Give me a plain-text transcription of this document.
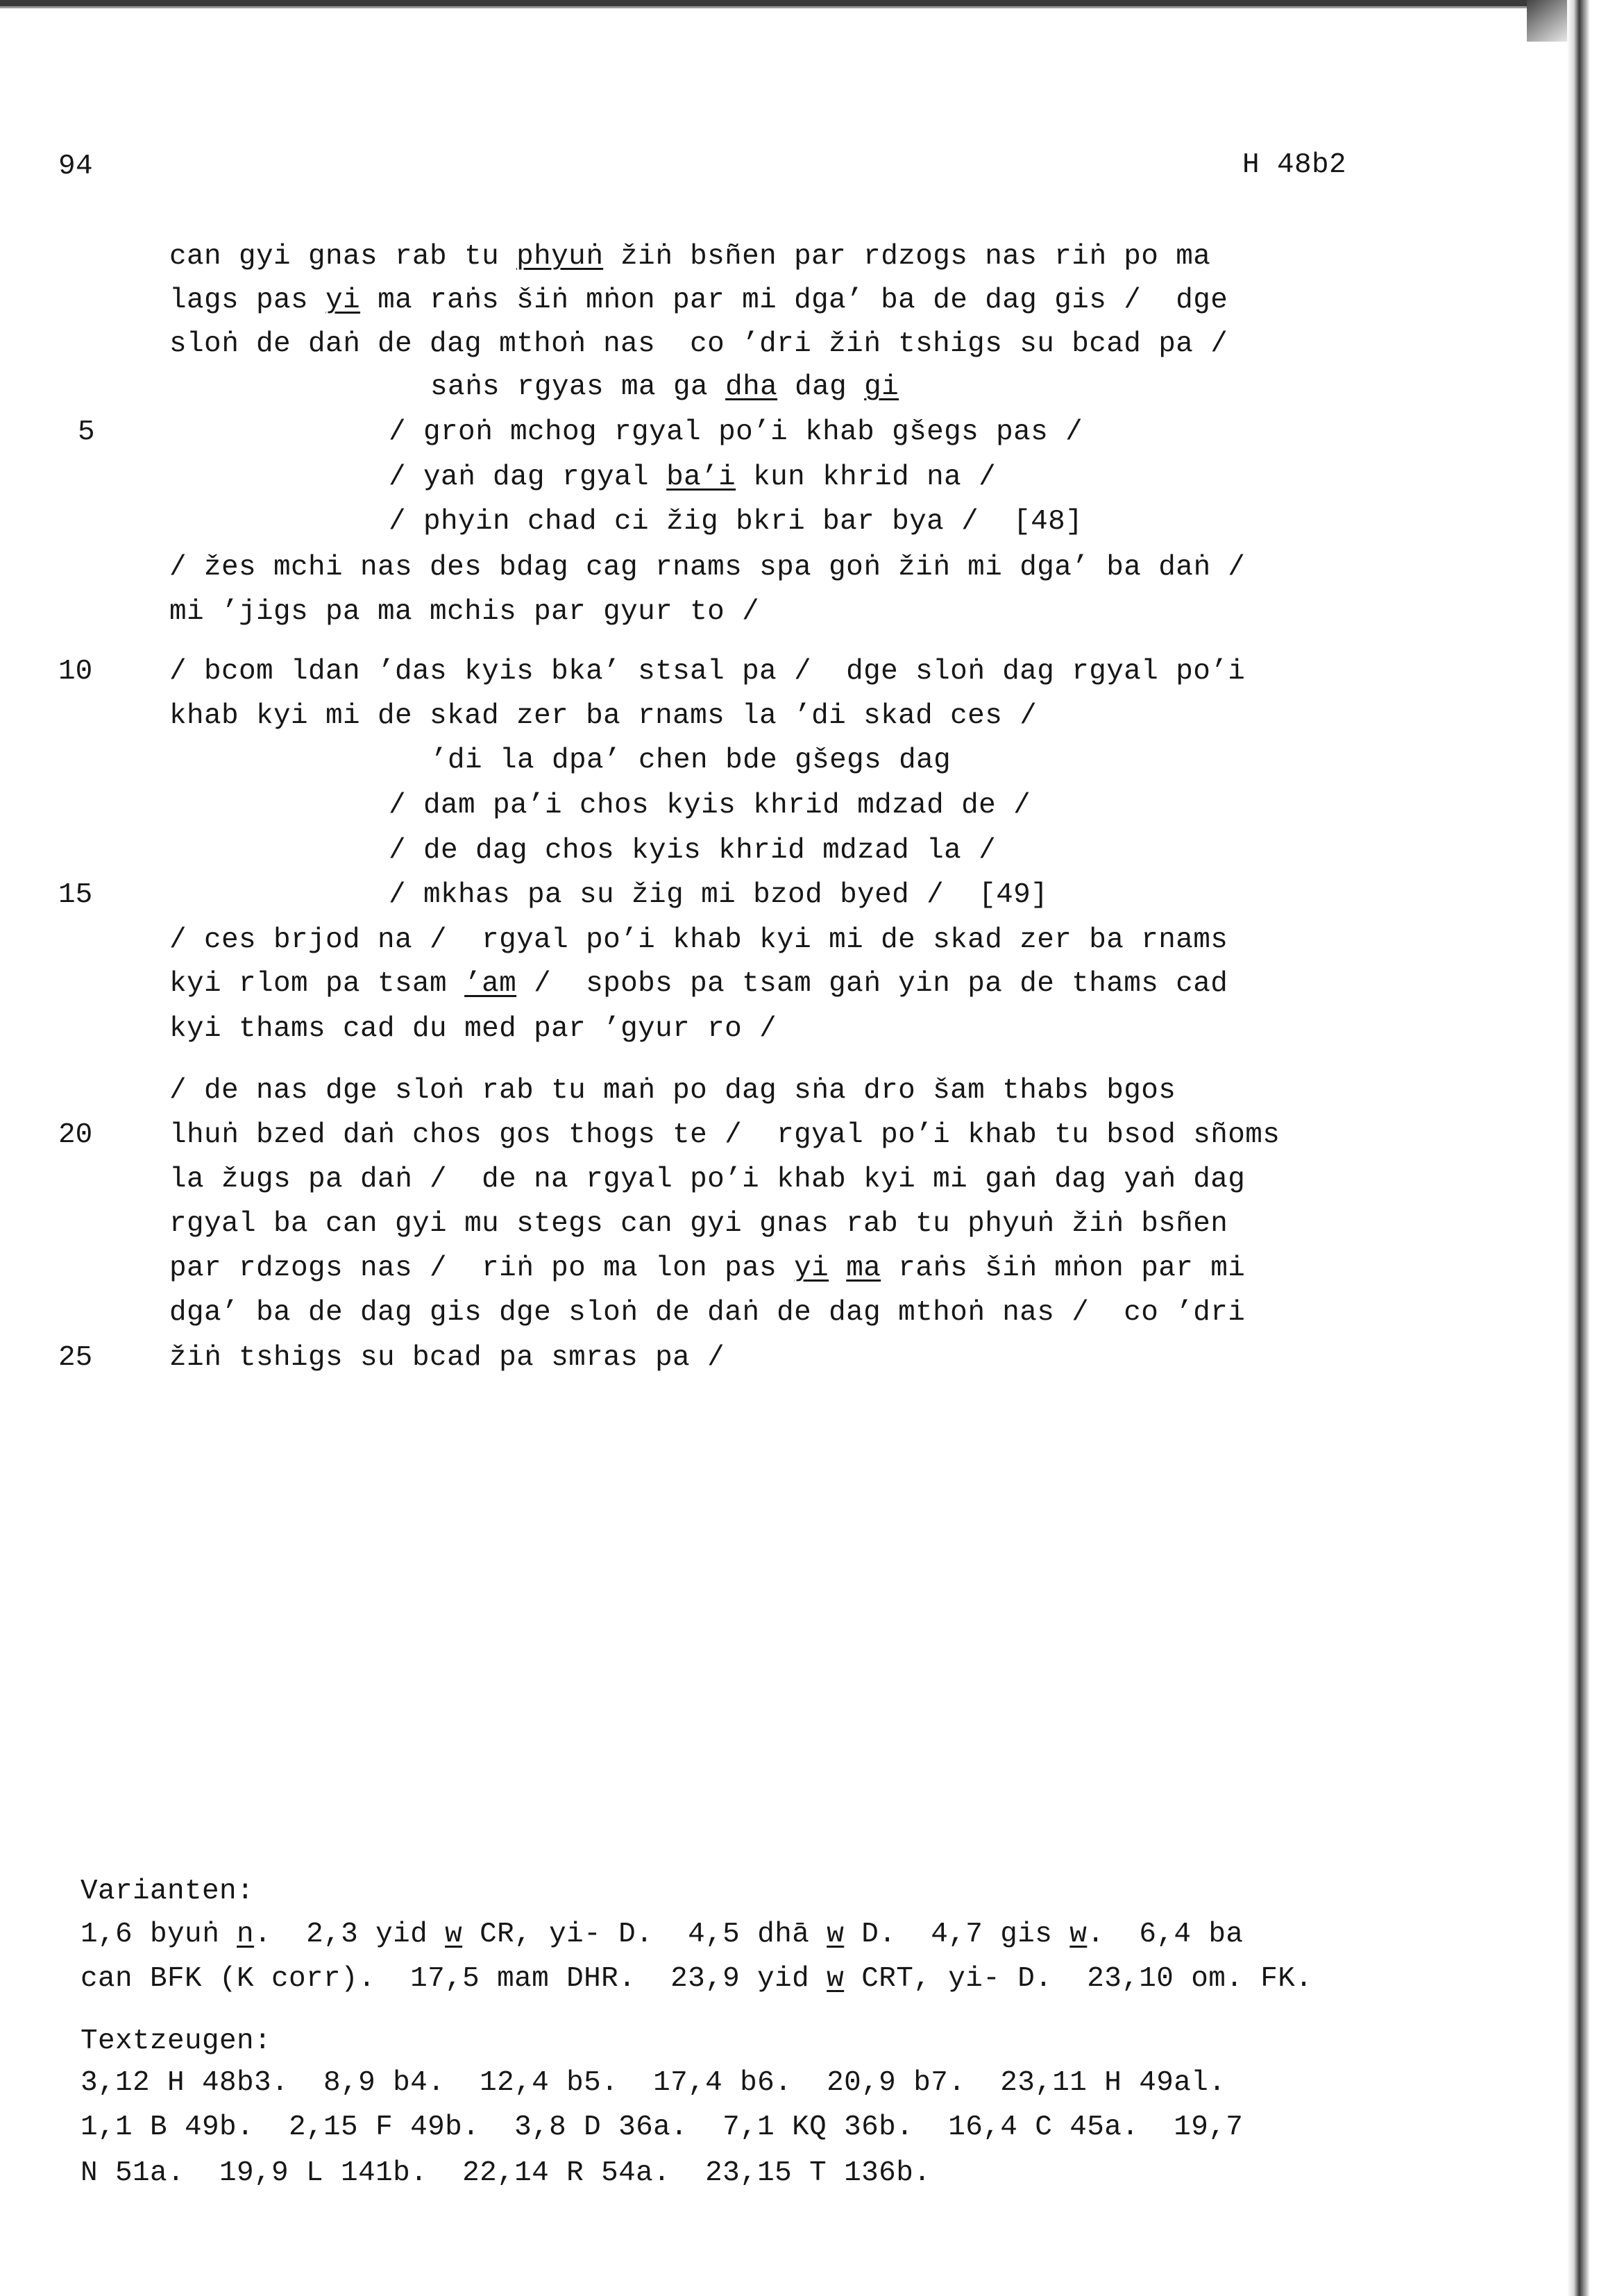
94	H 48b2
can gyi gnas rab tu phyuṅ žiṅ bsñen par rdzogs nas riṅ po ma
lags pas yi ma raṅs šiṅ mṅon par mi dga’ ba de dag gis /  dge
sloṅ de daṅ de dag mthoṅ nas  co ’dri žiṅ tshigs su bcad pa /
saṅs rgyas ma ga dha dag gi
5	/ groṅ mchog rgyal po’i khab gšegs pas /
/ yaṅ dag rgyal ba’i kun khrid na /
/ phyin chad ci žig bkri bar bya /  [48]
/ žes mchi nas des bdag cag rnams spa goṅ žiṅ mi dga’ ba daṅ /
mi ’jigs pa ma mchis par gyur to /
10	/ bcom ldan ’das kyis bka’ stsal pa /  dge sloṅ dag rgyal po’i
khab kyi mi de skad zer ba rnams la ’di skad ces /
’di la dpa’ chen bde gšegs dag
/ dam pa’i chos kyis khrid mdzad de /
/ de dag chos kyis khrid mdzad la /
15	/ mkhas pa su žig mi bzod byed /  [49]
/ ces brjod na /  rgyal po’i khab kyi mi de skad zer ba rnams
kyi rlom pa tsam ’am /  spobs pa tsam gaṅ yin pa de thams cad
kyi thams cad du med par ’gyur ro /
/ de nas dge sloṅ rab tu maṅ po dag sṅa dro šam thabs bgos
20	lhuṅ bzed daṅ chos gos thogs te /  rgyal po’i khab tu bsod sñoms
la žugs pa daṅ /  de na rgyal po’i khab kyi mi gaṅ dag yaṅ dag
rgyal ba can gyi mu stegs can gyi gnas rab tu phyuṅ žiṅ bsñen
par rdzogs nas /  riṅ po ma lon pas yi ma raṅs šiṅ mṅon par mi
dga’ ba de dag gis dge sloṅ de daṅ de dag mthoṅ nas /  co ’dri
25	žiṅ tshigs su bcad pa smras pa /
Varianten:
1,6 byuṅ n.  2,3 yid w CR, yi- D.  4,5 dhā w D.  4,7 gis w.  6,4 ba
can BFK (K corr).  17,5 mam DHR.  23,9 yid w CRT, yi- D.  23,10 om. FK.
Textzeugen:
3,12 H 48b3.  8,9 b4.  12,4 b5.  17,4 b6.  20,9 b7.  23,11 H 49al.
1,1 B 49b.  2,15 F 49b.  3,8 D 36a.  7,1 KQ 36b.  16,4 C 45a.  19,7
N 51a.  19,9 L 141b.  22,14 R 54a.  23,15 T 136b.
